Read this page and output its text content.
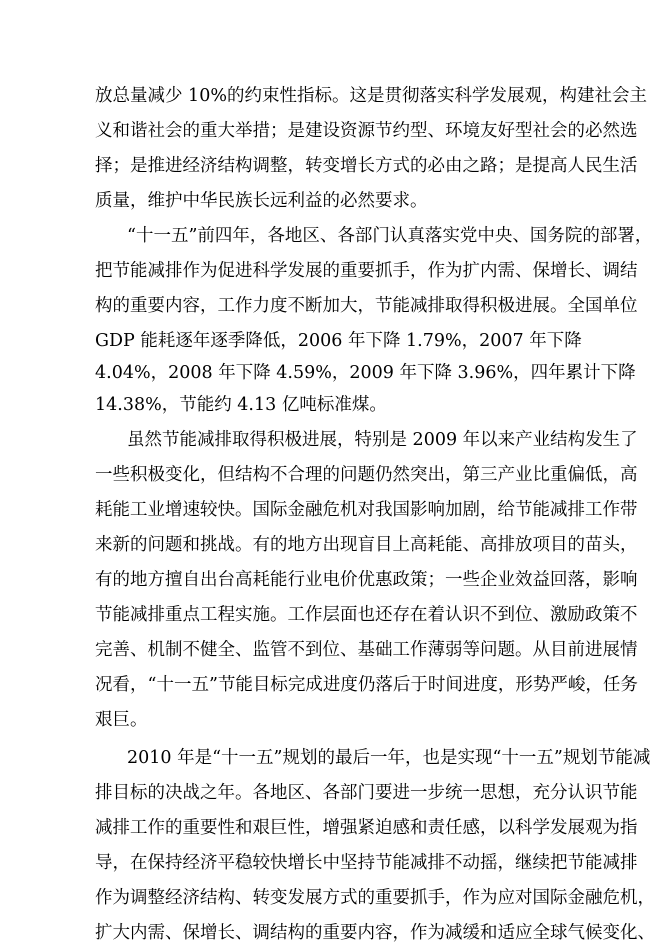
放总量减少 10%的约束性指标。这是贯彻落实科学发展观，构建社会主
义和谐社会的重大举措；是建设资源节约型、环境友好型社会的必然选
择；是推进经济结构调整，转变增长方式的必由之路；是提高人民生活
质量，维护中华民族长远利益的必然要求。
“十一五”前四年，各地区、各部门认真落实党中央、国务院的部署，
把节能减排作为促进科学发展的重要抓手，作为扩内需、保增长、调结
构的重要内容，工作力度不断加大，节能减排取得积极进展。全国单位
GDP 能耗逐年逐季降低，2006 年下降 1.79%，2007 年下降
4.04%，2008 年下降 4.59%，2009 年下降 3.96%，四年累计下降
14.38%，节能约 4.13 亿吨标准煤。
虽然节能减排取得积极进展，特别是 2009 年以来产业结构发生了
一些积极变化，但结构不合理的问题仍然突出，第三产业比重偏低，高
耗能工业增速较快。国际金融危机对我国影响加剧，给节能减排工作带
来新的问题和挑战。有的地方出现盲目上高耗能、高排放项目的苗头，
有的地方擅自出台高耗能行业电价优惠政策；一些企业效益回落，影响
节能减排重点工程实施。工作层面也还存在着认识不到位、激励政策不
完善、机制不健全、监管不到位、基础工作薄弱等问题。从目前进展情
况看，“十一五”节能目标完成进度仍落后于时间进度，形势严峻，任务
艰巨。
2010 年是“十一五”规划的最后一年，也是实现“十一五”规划节能减
排目标的决战之年。各地区、各部门要进一步统一思想，充分认识节能
减排工作的重要性和艰巨性，增强紧迫感和责任感，以科学发展观为指
导，在保持经济平稳较快增长中坚持节能减排不动摇，继续把节能减排
作为调整经济结构、转变发展方式的重要抓手，作为应对国际金融危机，
扩大内需、保增长、调结构的重要内容，作为减缓和适应全球气候变化、
